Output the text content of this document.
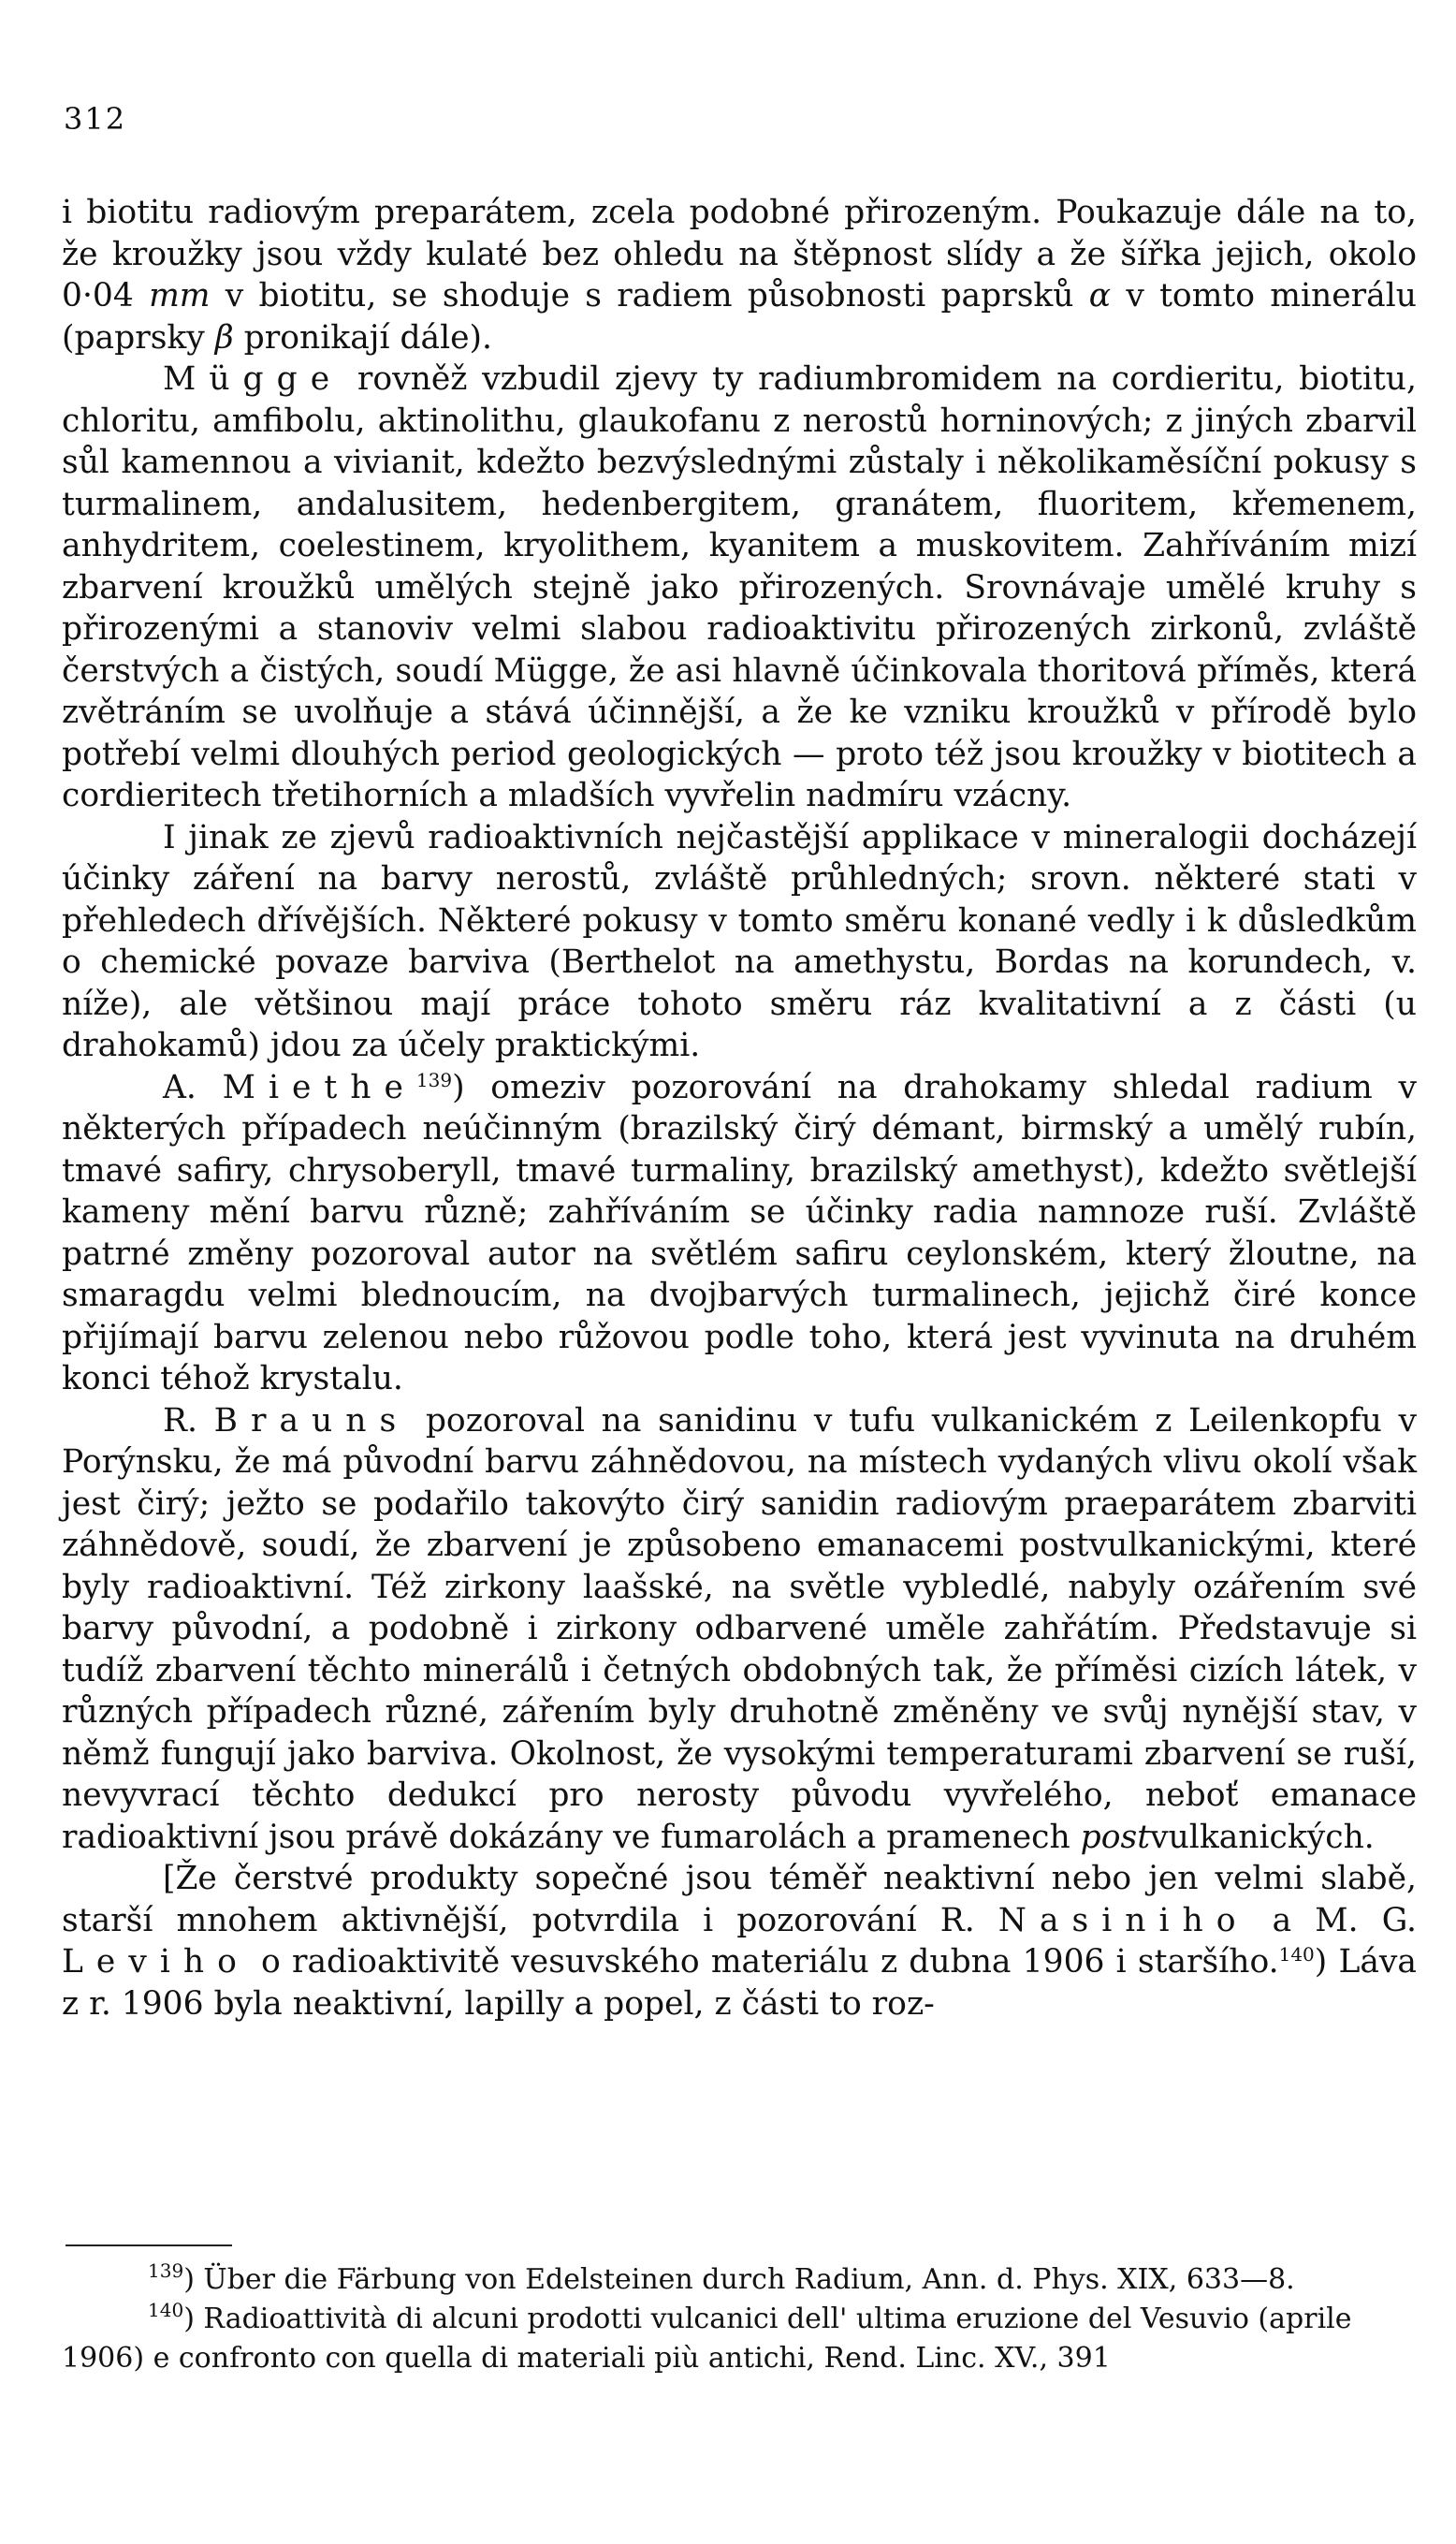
312

i biotitu radiovým preparátem, zcela podobné přirozeným. Poukazuje dále na to, že kroužky jsou vždy kulaté bez ohledu na štěpnost slídy a že šířka jejich, okolo 0·04 mm v biotitu, se shoduje s radiem působnosti paprsků α v tomto minerálu (paprsky β pronikají dále).

Mügge rovněž vzbudil zjevy ty radiumbromidem na cordieritu, biotitu, chloritu, amfibolu, aktinolithu, glaukofanu z nerostů horninových; z jiných zbarvil sůl kamennou a vivianit, kdežto bezvýslednými zůstaly i několikaměsíční pokusy s turmalinem, andalusitem, hedenbergitem, granátem, fluoritem, křemenem, anhydritem, coelestinem, kryolithem, kyanitem a muskovitem. Zahříváním mizí zbarvení kroužků umělých stejně jako přirozených. Srovnávaje umělé kruhy s přirozenými a stanoviv velmi slabou radioaktivitu přirozených zirkonů, zvláště čerstvých a čistých, soudí Mügge, že asi hlavně účinkovala thoritová příměs, která zvětráním se uvolňuje a stává účinnější, a že ke vzniku kroužků v přírodě bylo potřebí velmi dlouhých period geologických — proto též jsou kroužky v biotitech a cordieritech třetihorních a mladších vyvřelin nadmíru vzácny.

I jinak ze zjevů radioaktivních nejčastější applikace v mineralogii docházejí účinky záření na barvy nerostů, zvláště průhledných; srovn. některé stati v přehledech dřívějších. Některé pokusy v tomto směru konané vedly i k důsledkům o chemické povaze barviva (Berthelot na amethystu, Bordas na korundech, v. níže), ale většinou mají práce tohoto směru ráz kvalitativní a z části (u drahokamů) jdou za účely praktickými.

A. Miethe$^{139}$) omeziv pozorování na drahokamy shledal radium v některých případech neúčinným (brazilský čirý démant, birmský a umělý rubín, tmavé safiry, chrysoberyll, tmavé turmaliny, brazilský amethyst), kdežto světlejší kameny mění barvu různě; zahříváním se účinky radia namnoze ruší. Zvláště patrné změny pozoroval autor na světlém safiru ceylonském, který žloutne, na smaragdu velmi blednoucím, na dvojbarvých turmalinech, jejichž čiré konce přijímají barvu zelenou nebo růžovou podle toho, která jest vyvinuta na druhém konci téhož krystalu.

R. Brauns pozoroval na sanidinu v tufu vulkanickém z Leilenkopfu v Porýnsku, že má původní barvu záhnědovou, na místech vydaných vlivu okolí však jest čirý; ježto se podařilo takovýto čirý sanidin radiovým praeparátem zbarviti záhnědově, soudí, že zbarvení je způsobeno emanacemi postvulkanickými, které byly radioaktivní. Též zirkony laašské, na světle vybledlé, nabyly ozářením své barvy původní, a podobně i zirkony odbarvené uměle zahřátím. Představuje si tudíž zbarvení těchto minerálů i četných obdobných tak, že příměsi cizích látek, v různých případech různé, zářením byly druhotně změněny ve svůj nynější stav, v němž fungují jako barviva. Okolnost, že vysokými temperaturami zbarvení se ruší, nevyvrací těchto dedukcí pro nerosty původu vyvřelého, neboť emanace radioaktivní jsou právě dokázány ve fumarolách a pramenech postvulkanických.

[Že čerstvé produkty sopečné jsou téměř neaktivní nebo jen velmi slabě, starší mnohem aktivnější, potvrdila i pozorování R. Nasiniho a M. G. Leviho o radioaktivitě vesuvského materiálu z dubna 1906 i staršího.$^{140}$) Láva z r. 1906 byla neaktivní, lapilly a popel, z části to roz-

$^{139}$) Über die Färbung von Edelsteinen durch Radium, Ann. d. Phys. XIX, 633—8.

$^{140}$) Radioattività di alcuni prodotti vulcanici dell' ultima eruzione del Vesuvio (aprile 1906) e confronto con quella di materiali più antichi, Rend. Linc. XV., 391
